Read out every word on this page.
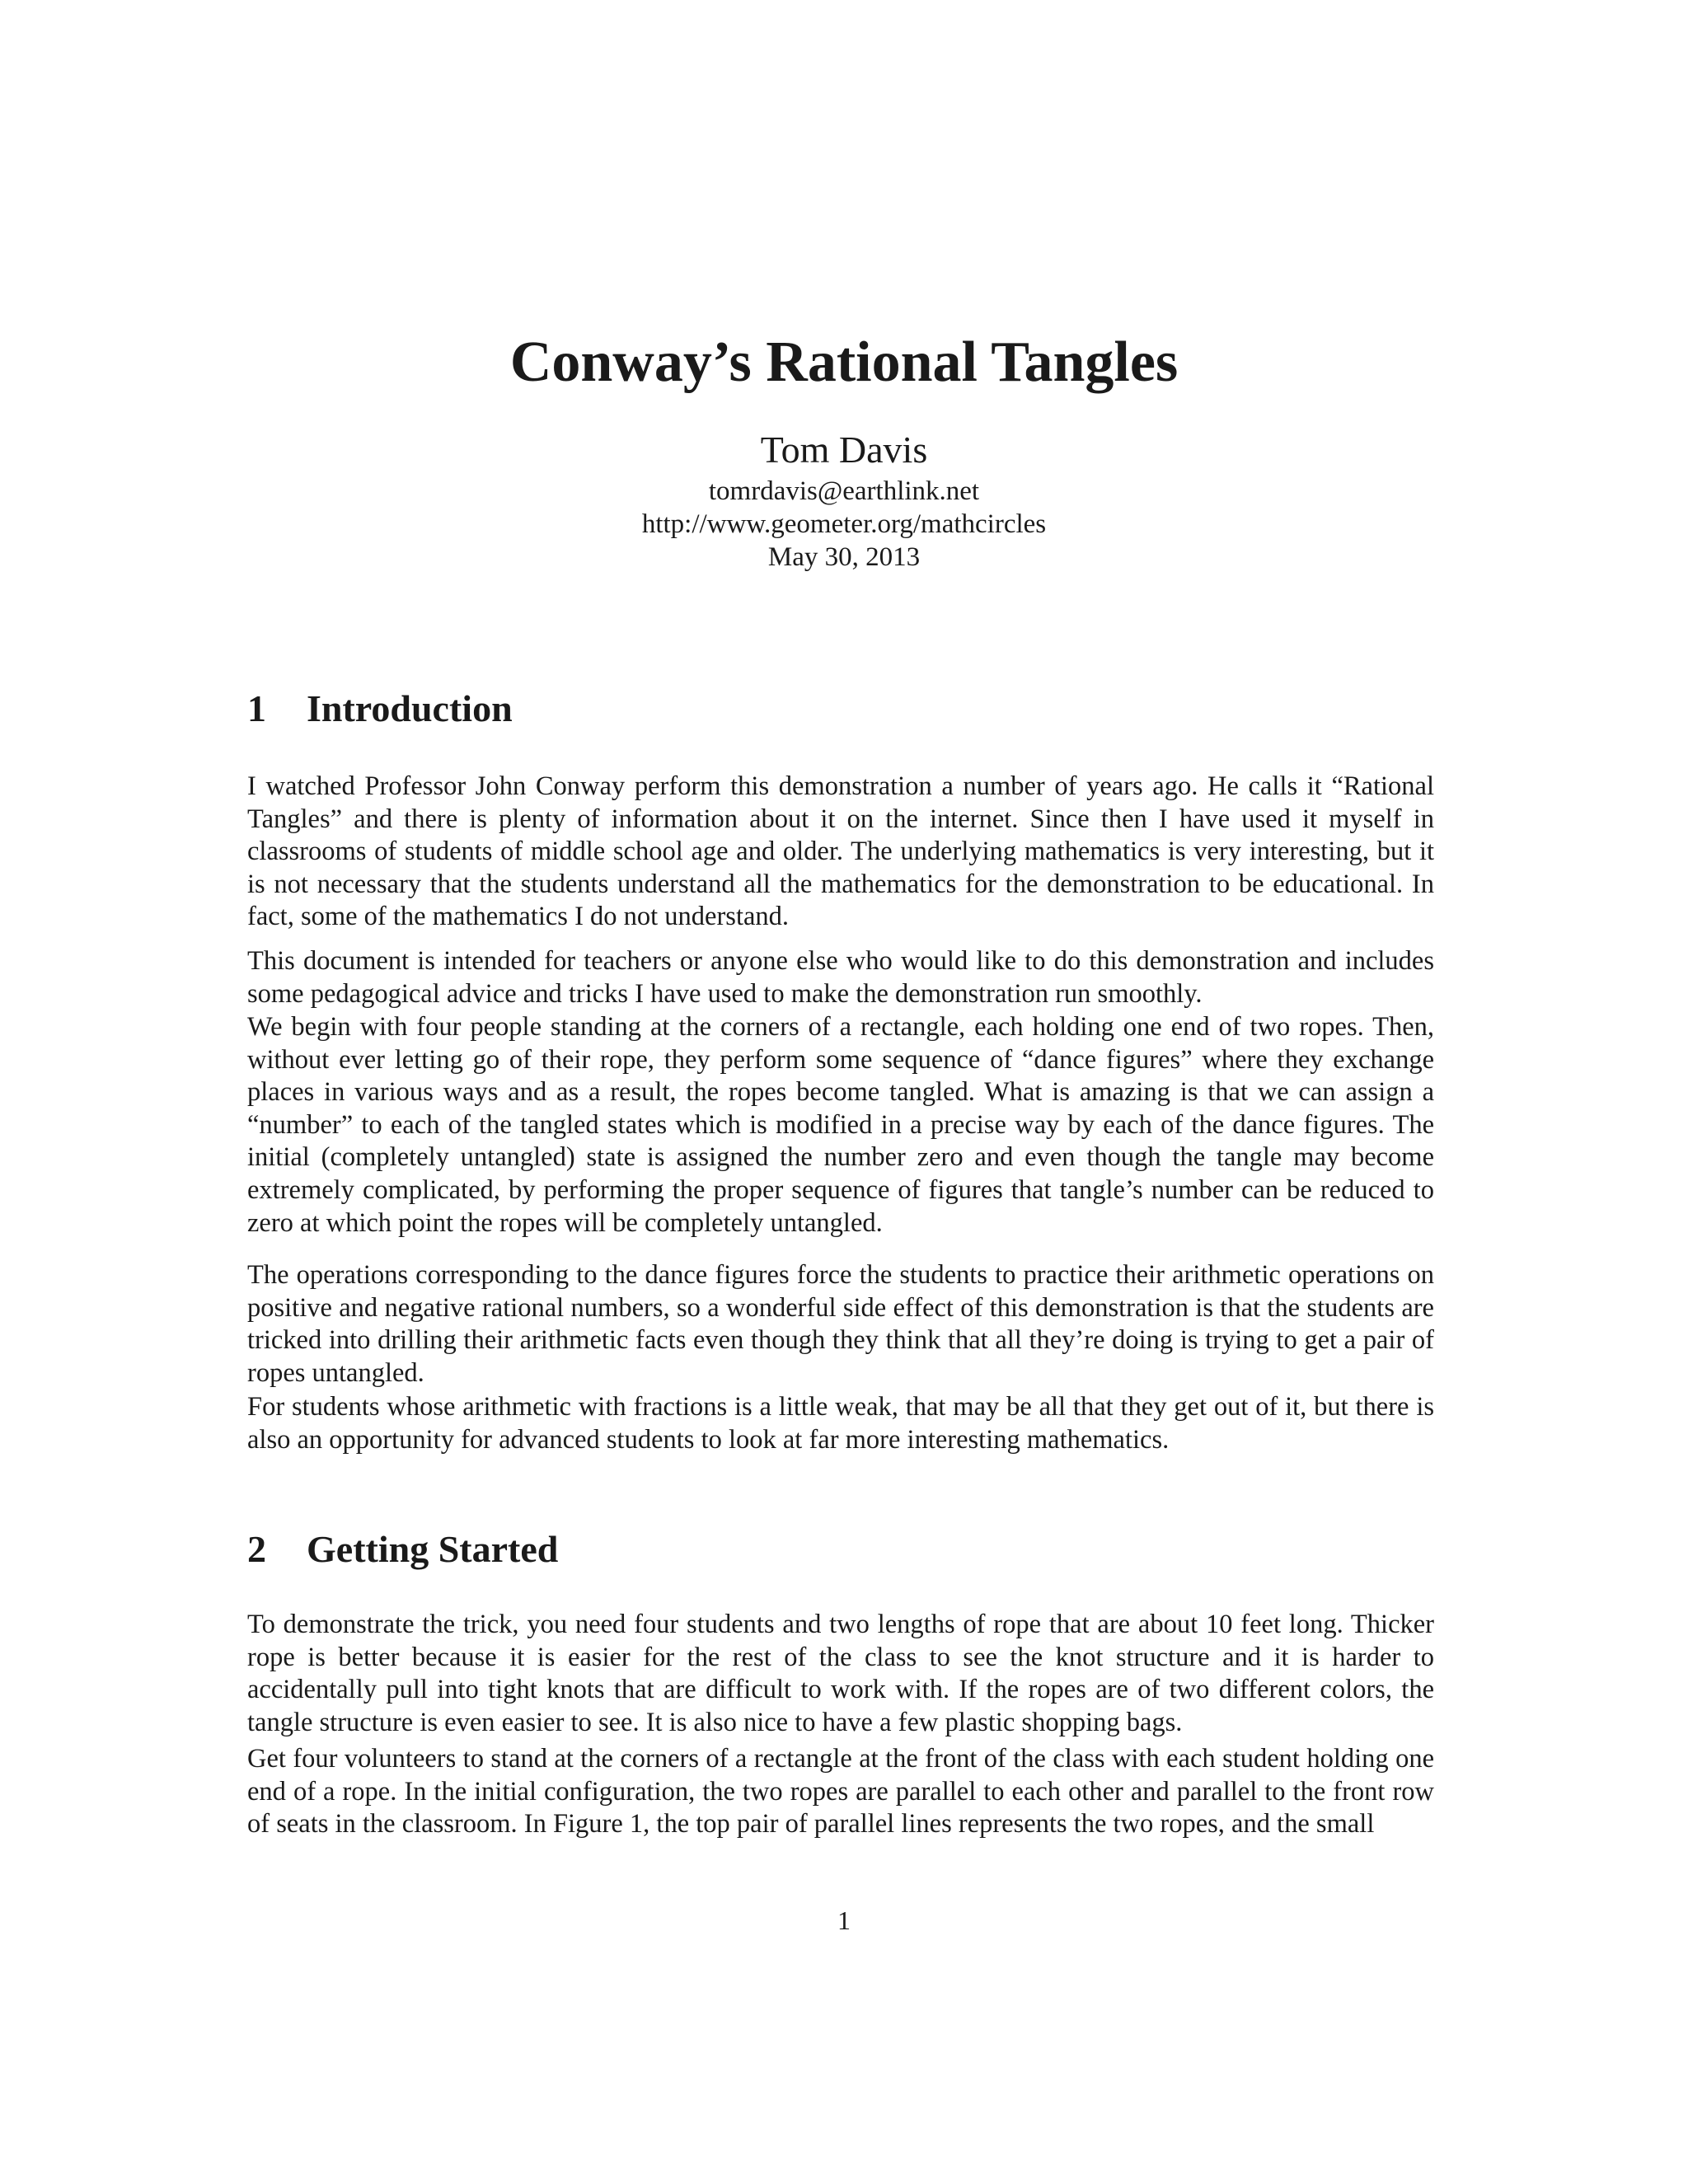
Conway’s Rational Tangles
Tom Davis
tomrdavis@earthlink.net
http://www.geometer.org/mathcircles
May 30, 2013
1 Introduction

I watched Professor John Conway perform this demonstration a number of years ago. He calls it “Rational Tangles” and there is plenty of information about it on the internet. Since then I have used it myself in classrooms of students of middle school age and older. The underlying mathematics is very interesting, but it is not necessary that the students understand all the mathematics for the demonstration to be educational. In fact, some of the mathematics I do not understand.

This document is intended for teachers or anyone else who would like to do this demonstration and includes some pedagogical advice and tricks I have used to make the demonstration run smoothly.

We begin with four people standing at the corners of a rectangle, each holding one end of two ropes. Then, without ever letting go of their rope, they perform some sequence of “dance figures” where they exchange places in various ways and as a result, the ropes become tangled. What is amazing is that we can assign a “number” to each of the tangled states which is modified in a precise way by each of the dance figures. The initial (completely untangled) state is assigned the number zero and even though the tangle may become extremely complicated, by performing the proper sequence of figures that tangle’s number can be reduced to zero at which point the ropes will be completely untangled.

The operations corresponding to the dance figures force the students to practice their arithmetic operations on positive and negative rational numbers, so a wonderful side effect of this demonstration is that the students are tricked into drilling their arithmetic facts even though they think that all they’re doing is trying to get a pair of ropes untangled.

For students whose arithmetic with fractions is a little weak, that may be all that they get out of it, but there is also an opportunity for advanced students to look at far more interesting mathematics.

2 Getting Started

To demonstrate the trick, you need four students and two lengths of rope that are about 10 feet long. Thicker rope is better because it is easier for the rest of the class to see the knot structure and it is harder to accidentally pull into tight knots that are difficult to work with. If the ropes are of two different colors, the tangle structure is even easier to see. It is also nice to have a few plastic shopping bags.

Get four volunteers to stand at the corners of a rectangle at the front of the class with each student holding one end of a rope. In the initial configuration, the two ropes are parallel to each other and parallel to the front row of seats in the classroom. In Figure 1, the top pair of parallel lines represents the two ropes, and the small

1
